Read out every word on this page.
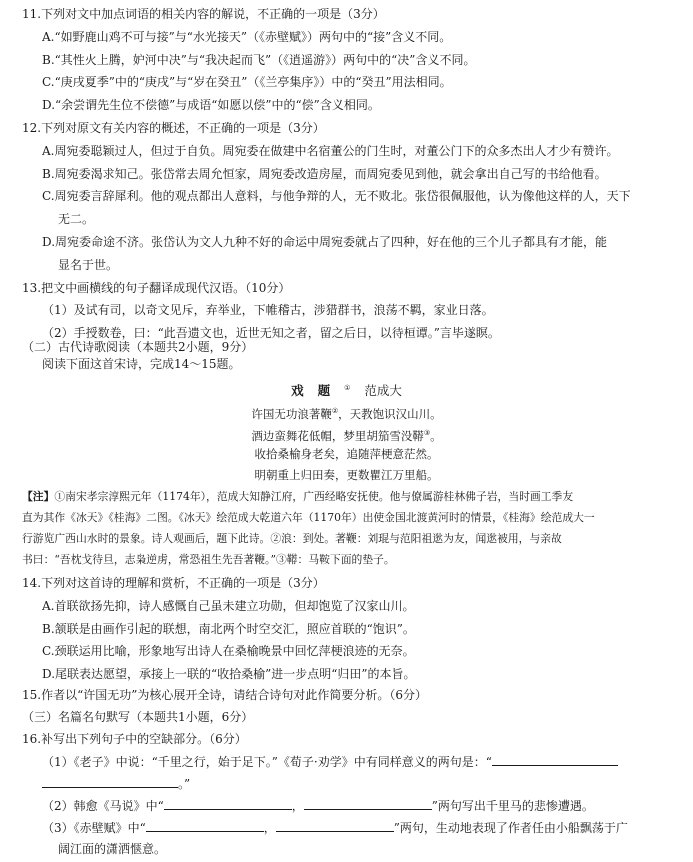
11.下列对文中加点词语的相关内容的解说，不正确的一项是（3分）
A.“如野鹿山鸡不可与接”与“水光接天”（《赤壁赋》）两句中的“接”含义不同。
B.“其性火上腾，妒河中决”与“我决起而飞”（《逍遥游》）两句中的“决”含义不同。
C.“庚戌夏季”中的“庚戌”与“岁在癸丑”（《兰亭集序》）中的“癸丑”用法相同。
D.“余尝谓先生位不偿德”与成语“如愿以偿”中的“偿”含义相同。
12.下列对原文有关内容的概述，不正确的一项是（3分）
A.周宛委聪颖过人，但过于自负。周宛委在做建中名宿董公的门生时，对董公门下的众多杰出人才少有赞许。
B.周宛委渴求知己。张岱常去周允恒家，周宛委改造房屋，而周宛委见到他，就会拿出自己写的书给他看。
C.周宛委言辞犀利。他的观点都出人意料，与他争辩的人，无不败北。张岱很佩服他，认为像他这样的人，天下
无二。
D.周宛委命途不济。张岱认为文人九种不好的命运中周宛委就占了四种，好在他的三个儿子都具有才能，能
显名于世。
13.把文中画横线的句子翻译成现代汉语。（10分）
（1）及试有司，以奇文见斥，弃举业，下帷稽古，涉猎群书，浪荡不羁，家业日落。
（2）手授数卷，曰：“此吾遗文也，近世无知之者，留之后日，以待桓谭。”言毕遂瞑。
（二）古代诗歌阅读（本题共2小题，9分）
阅读下面这首宋诗，完成14～15题。
戏题① 范成大
许国无功浪著鞭②，天教饱识汉山川。
酒边蛮舞花低帽，梦里胡笳雪没鞯③。
收拾桑榆身老矣，追随萍梗意茫然。
明朝重上归田奏，更数瞿江万里船。
【注】①南宋孝宗淳熙元年（1174年），范成大知静江府，广西经略安抚使。他与僚属游桂林佛子岩，当时画工季友
直为其作《冰天》《桂海》二图。《冰天》绘范成大乾道六年（1170年）出使金国北渡黄河时的情景，《桂海》绘范成大一
行游览广西山水时的景象。诗人观画后，题下此诗。②浪：到处。著鞭：刘琨与范阳祖逖为友，闻逖被用，与亲故
书曰：“吾枕戈待旦，志枭逆虏，常恐祖生先吾著鞭。”③鞯：马鞍下面的垫子。
14.下列对这首诗的理解和赏析，不正确的一项是（3分）
A.首联欲扬先抑，诗人感慨自己虽未建立功勋，但却饱览了汉家山川。
B.颔联是由画作引起的联想，南北两个时空交汇，照应首联的“饱识”。
C.颈联运用比喻，形象地写出诗人在桑榆晚景中回忆萍梗浪迹的无奈。
D.尾联表达愿望，承接上一联的“收拾桑榆”进一步点明“归田”的本旨。
15.作者以“许国无功”为核心展开全诗，请结合诗句对此作简要分析。（6分）
（三）名篇名句默写（本题共1小题，6分）
16.补写出下列句子中的空缺部分。（6分）
（1）《老子》中说：“千里之行，始于足下。”《荀子·劝学》中有同样意义的两句是：“
。”
（2）韩愈《马说》中“	，	”两句写出千里马的悲惨遭遇。
（3）《赤壁赋》中“	，	”两句，生动地表现了作者任由小船飘荡于广
阔江面的潇洒惬意。
